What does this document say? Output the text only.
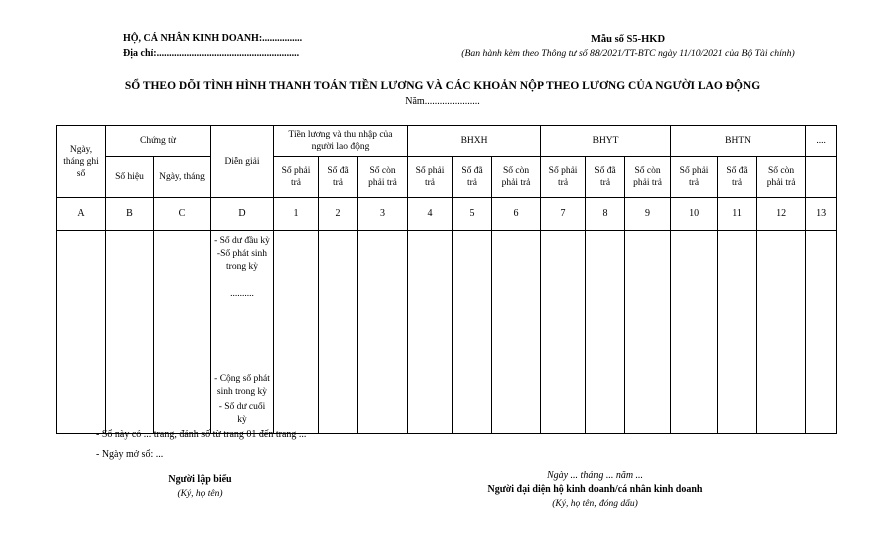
HỘ, CÁ NHÂN KINH DOANH:................
Địa chỉ:.........................................................
Mẫu số S5-HKD
(Ban hành kèm theo Thông tư số 88/2021/TT-BTC ngày 11/10/2021 của Bộ Tài chính)
SỔ THEO DÕI TÌNH HÌNH THANH TOÁN TIỀN LƯƠNG VÀ CÁC KHOẢN NỘP THEO LƯƠNG CỦA NGƯỜI LAO ĐỘNG
Năm......................
Ngày, tháng ghi sổ	Chứng từ		Diễn giải	Tiền lương và thu nhập của người lao động			BHXH			BHYT			BHTN			....
	Số hiệu	Ngày, tháng		Số phải trả	Số đã trả	Số còn phải trả	Số phải trả	Số đã trả	Số còn phải trả	Số phải trả	Số đã trả	Số còn phải trả	Số phải trả	Số đã trả	Số còn phải trả	
A	B	C	D	1	2	3	4	5	6	7	8	9	10	11	12	13

			- Số dư đầu kỳ
-Số phát sinh trong kỳ
..........
- Cộng số phát sinh trong kỳ
- Số dư cuối kỳ													

- Sổ này có ... trang, đánh số từ trang 01 đến trang ...
- Ngày mở sổ: ...
Người lập biểu
(Ký, họ tên)
Ngày ... tháng ... năm ...
Người đại diện hộ kinh doanh/cá nhân kinh doanh
(Ký, họ tên, đóng dấu)
